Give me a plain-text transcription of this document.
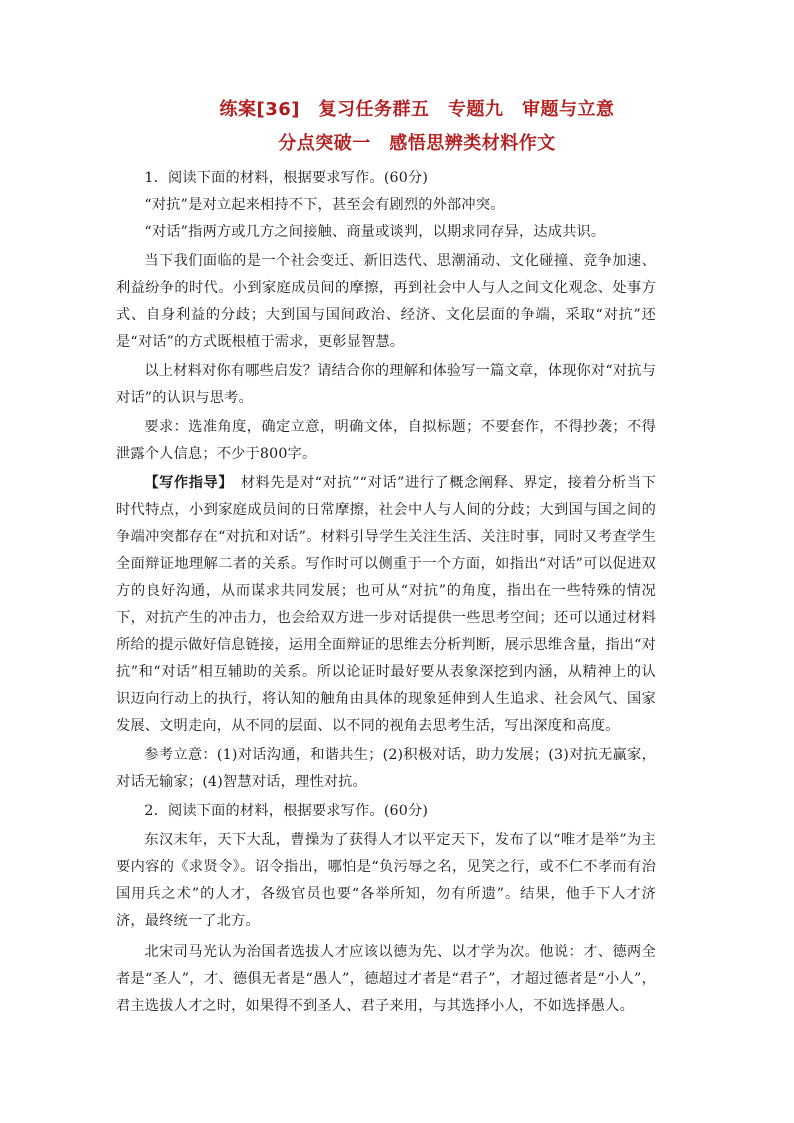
练案[36]　复习任务群五　专题九　审题与立意
分点突破一　感悟思辨类材料作文

1．阅读下面的材料，根据要求写作。(60分)

“对抗”是对立起来相持不下，甚至会有剧烈的外部冲突。

“对话”指两方或几方之间接触、商量或谈判，以期求同存异，达成共识。

当下我们面临的是一个社会变迁、新旧迭代、思潮涌动、文化碰撞、竞争加速、利益纷争的时代。小到家庭成员间的摩擦，再到社会中人与人之间文化观念、处事方式、自身利益的分歧；大到国与国间政治、经济、文化层面的争端，采取“对抗”还是“对话”的方式既根植于需求，更彰显智慧。

以上材料对你有哪些启发？请结合你的理解和体验写一篇文章，体现你对“对抗与对话”的认识与思考。

要求：选准角度，确定立意，明确文体，自拟标题；不要套作，不得抄袭；不得泄露个人信息；不少于800字。

【写作指导】　材料先是对“对抗”“对话”进行了概念阐释、界定，接着分析当下时代特点，小到家庭成员间的日常摩擦，社会中人与人间的分歧；大到国与国之间的争端冲突都存在“对抗和对话”。材料引导学生关注生活、关注时事，同时又考查学生全面辩证地理解二者的关系。写作时可以侧重于一个方面，如指出“对话”可以促进双方的良好沟通，从而谋求共同发展；也可从“对抗”的角度，指出在一些特殊的情况下，对抗产生的冲击力，也会给双方进一步对话提供一些思考空间；还可以通过材料所给的提示做好信息链接，运用全面辩证的思维去分析判断，展示思维含量，指出“对抗”和“对话”相互辅助的关系。所以论证时最好要从表象深挖到内涵，从精神上的认识迈向行动上的执行，将认知的触角由具体的现象延伸到人生追求、社会风气、国家发展、文明走向，从不同的层面、以不同的视角去思考生活，写出深度和高度。

参考立意：(1)对话沟通，和谐共生；(2)积极对话，助力发展；(3)对抗无赢家，对话无输家；(4)智慧对话，理性对抗。

2．阅读下面的材料，根据要求写作。(60分)

东汉末年，天下大乱，曹操为了获得人才以平定天下，发布了以“唯才是举”为主要内容的《求贤令》。诏令指出，哪怕是“负污辱之名，见笑之行，或不仁不孝而有治国用兵之术”的人才，各级官员也要“各举所知，勿有所遗”。结果，他手下人才济济，最终统一了北方。

北宋司马光认为治国者选拔人才应该以德为先、以才学为次。他说：才、德两全者是“圣人”，才、德俱无者是“愚人”，德超过才者是“君子”，才超过德者是“小人”，君主选拔人才之时，如果得不到圣人、君子来用，与其选择小人，不如选择愚人。
